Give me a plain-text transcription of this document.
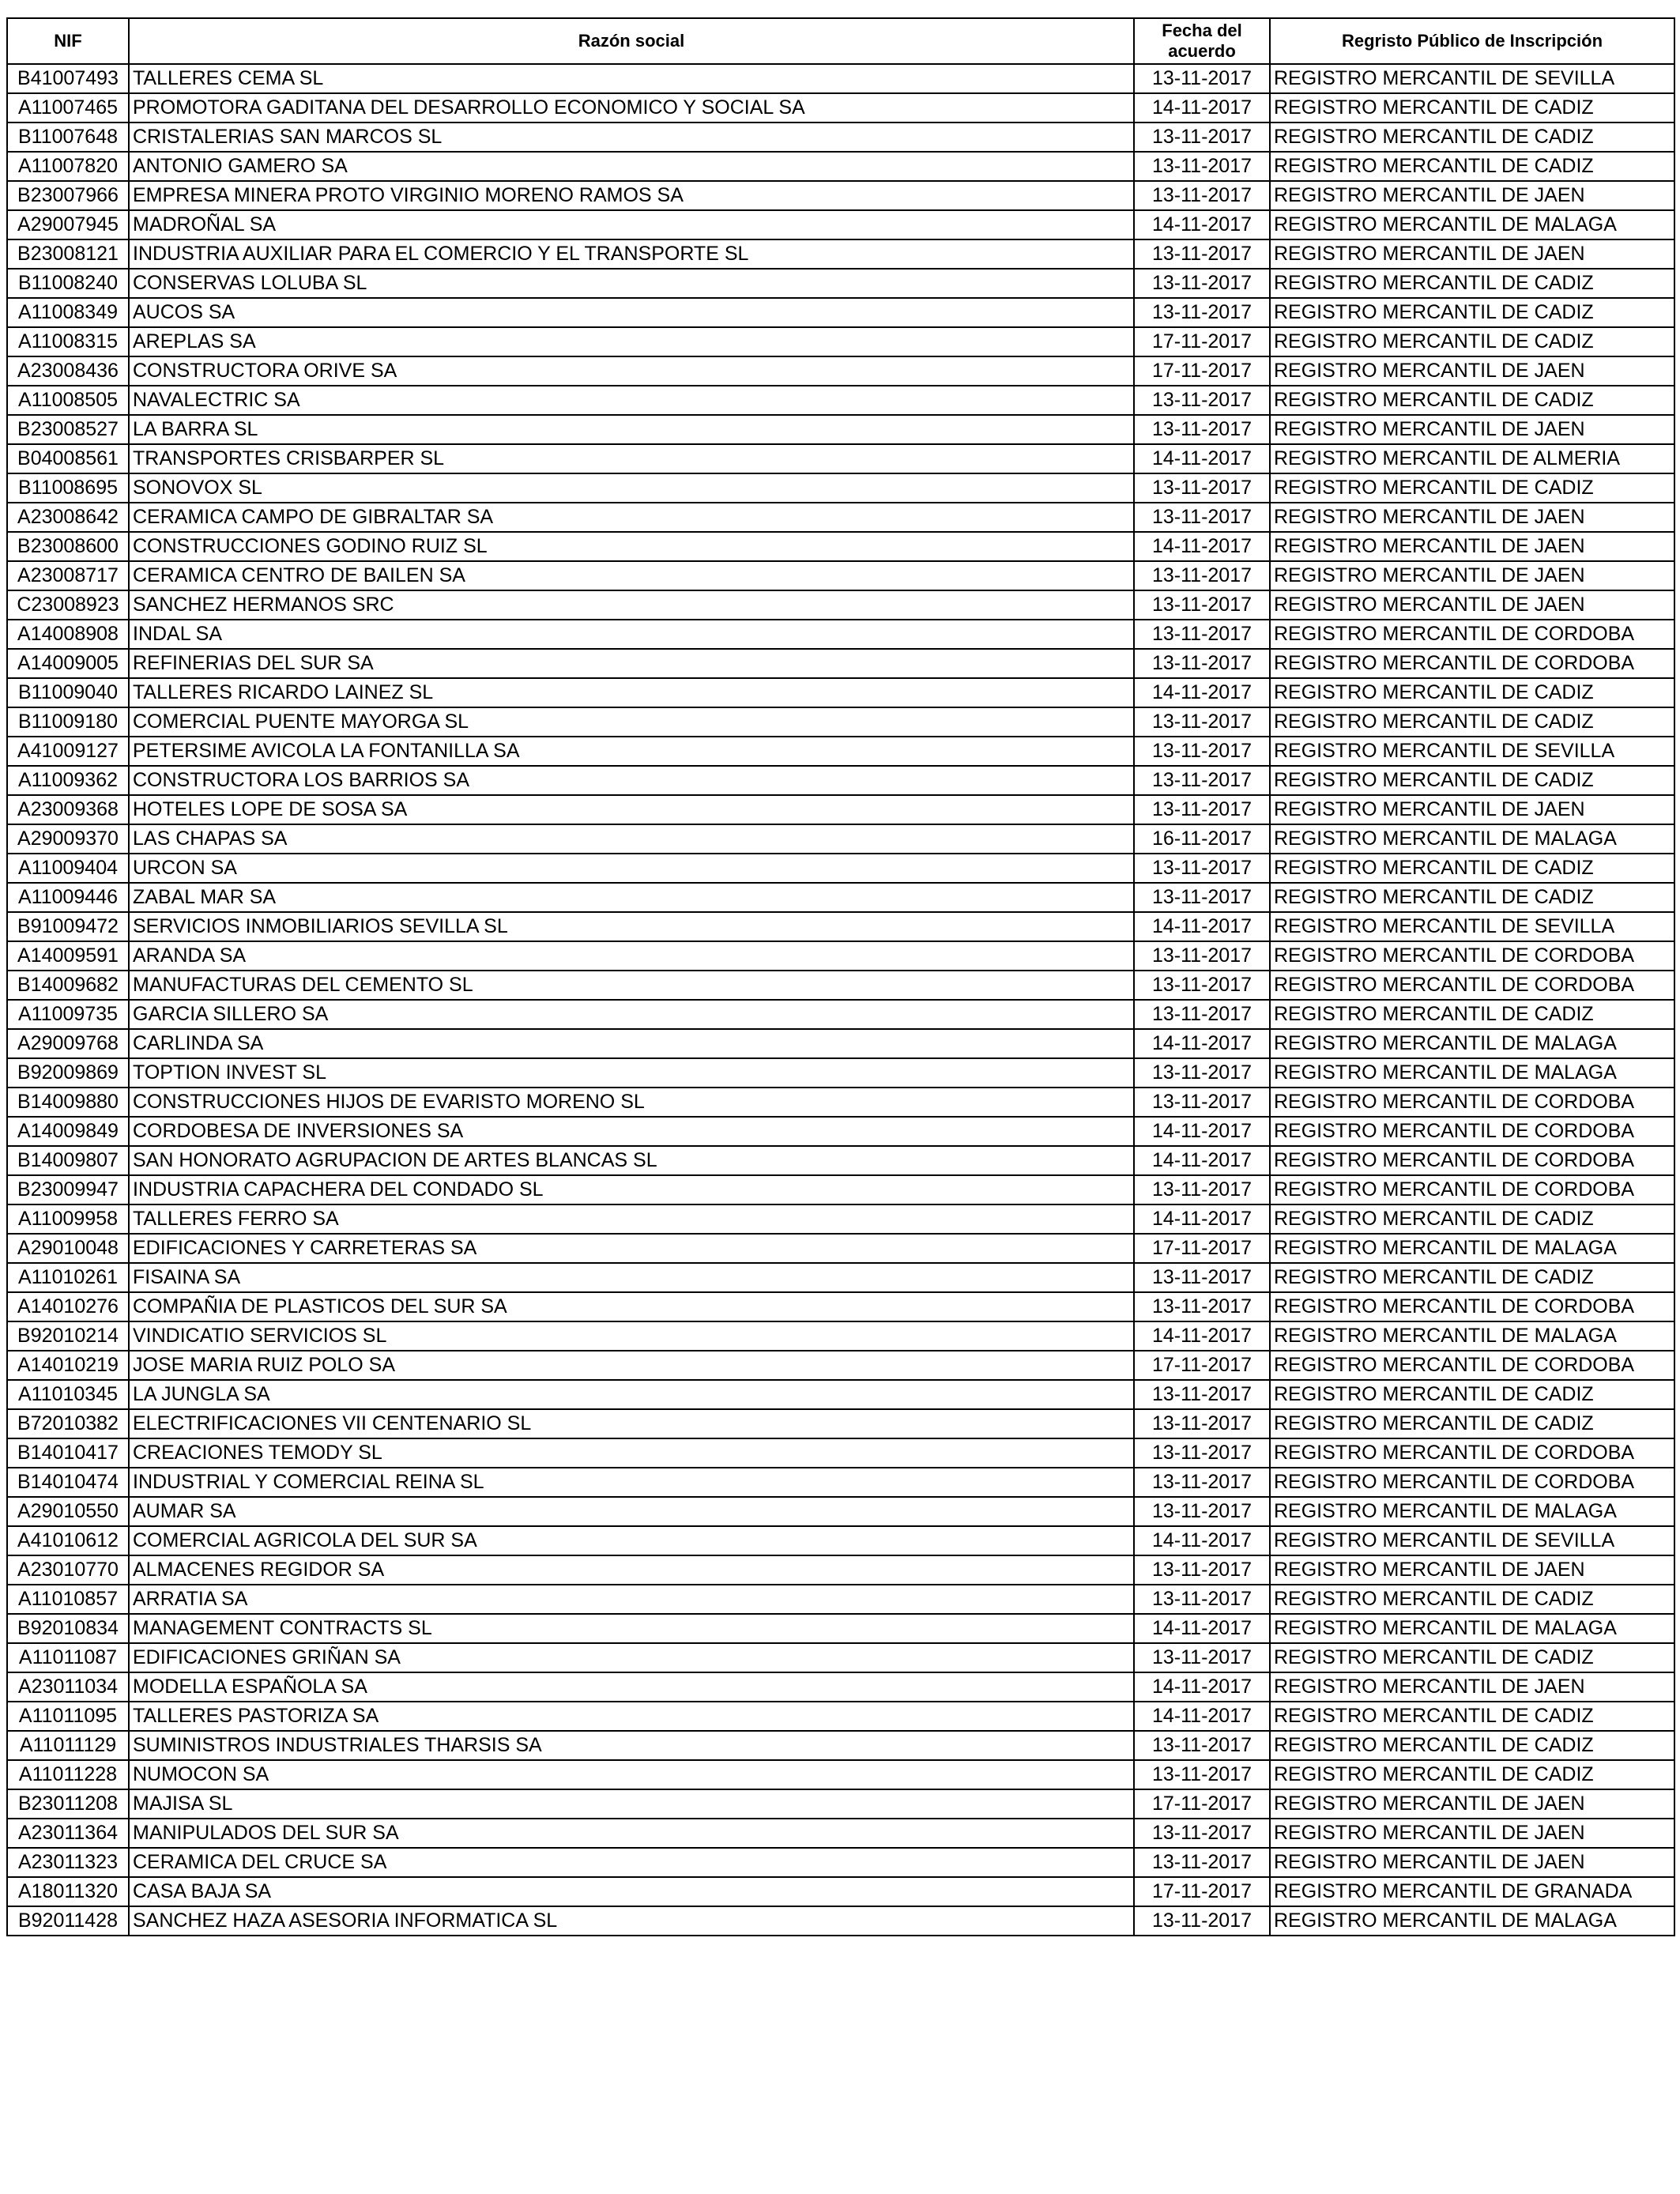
NIF	Razón social	Fecha del acuerdo	Regristo Público de Inscripción
B41007493	TALLERES CEMA SL	13-11-2017	REGISTRO MERCANTIL DE SEVILLA
A11007465	PROMOTORA GADITANA DEL DESARROLLO ECONOMICO Y SOCIAL SA	14-11-2017	REGISTRO MERCANTIL DE CADIZ
B11007648	CRISTALERIAS SAN MARCOS SL	13-11-2017	REGISTRO MERCANTIL DE CADIZ
A11007820	ANTONIO GAMERO SA	13-11-2017	REGISTRO MERCANTIL DE CADIZ
B23007966	EMPRESA MINERA PROTO VIRGINIO MORENO RAMOS SA	13-11-2017	REGISTRO MERCANTIL DE JAEN
A29007945	MADROÑAL SA	14-11-2017	REGISTRO MERCANTIL DE MALAGA
B23008121	INDUSTRIA AUXILIAR PARA EL COMERCIO Y EL TRANSPORTE SL	13-11-2017	REGISTRO MERCANTIL DE JAEN
B11008240	CONSERVAS LOLUBA SL	13-11-2017	REGISTRO MERCANTIL DE CADIZ
A11008349	AUCOS SA	13-11-2017	REGISTRO MERCANTIL DE CADIZ
A11008315	AREPLAS SA	17-11-2017	REGISTRO MERCANTIL DE CADIZ
A23008436	CONSTRUCTORA ORIVE SA	17-11-2017	REGISTRO MERCANTIL DE JAEN
A11008505	NAVALECTRIC SA	13-11-2017	REGISTRO MERCANTIL DE CADIZ
B23008527	LA BARRA SL	13-11-2017	REGISTRO MERCANTIL DE JAEN
B04008561	TRANSPORTES CRISBARPER SL	14-11-2017	REGISTRO MERCANTIL DE ALMERIA
B11008695	SONOVOX SL	13-11-2017	REGISTRO MERCANTIL DE CADIZ
A23008642	CERAMICA CAMPO DE GIBRALTAR SA	13-11-2017	REGISTRO MERCANTIL DE JAEN
B23008600	CONSTRUCCIONES GODINO RUIZ SL	14-11-2017	REGISTRO MERCANTIL DE JAEN
A23008717	CERAMICA CENTRO DE BAILEN SA	13-11-2017	REGISTRO MERCANTIL DE JAEN
C23008923	SANCHEZ HERMANOS SRC	13-11-2017	REGISTRO MERCANTIL DE JAEN
A14008908	INDAL SA	13-11-2017	REGISTRO MERCANTIL DE CORDOBA
A14009005	REFINERIAS DEL SUR SA	13-11-2017	REGISTRO MERCANTIL DE CORDOBA
B11009040	TALLERES RICARDO LAINEZ SL	14-11-2017	REGISTRO MERCANTIL DE CADIZ
B11009180	COMERCIAL PUENTE MAYORGA SL	13-11-2017	REGISTRO MERCANTIL DE CADIZ
A41009127	PETERSIME AVICOLA LA FONTANILLA SA	13-11-2017	REGISTRO MERCANTIL DE SEVILLA
A11009362	CONSTRUCTORA LOS BARRIOS SA	13-11-2017	REGISTRO MERCANTIL DE CADIZ
A23009368	HOTELES LOPE DE SOSA SA	13-11-2017	REGISTRO MERCANTIL DE JAEN
A29009370	LAS CHAPAS SA	16-11-2017	REGISTRO MERCANTIL DE MALAGA
A11009404	URCON SA	13-11-2017	REGISTRO MERCANTIL DE CADIZ
A11009446	ZABAL MAR SA	13-11-2017	REGISTRO MERCANTIL DE CADIZ
B91009472	SERVICIOS INMOBILIARIOS SEVILLA SL	14-11-2017	REGISTRO MERCANTIL DE SEVILLA
A14009591	ARANDA SA	13-11-2017	REGISTRO MERCANTIL DE CORDOBA
B14009682	MANUFACTURAS DEL CEMENTO SL	13-11-2017	REGISTRO MERCANTIL DE CORDOBA
A11009735	GARCIA SILLERO SA	13-11-2017	REGISTRO MERCANTIL DE CADIZ
A29009768	CARLINDA SA	14-11-2017	REGISTRO MERCANTIL DE MALAGA
B92009869	TOPTION INVEST SL	13-11-2017	REGISTRO MERCANTIL DE MALAGA
B14009880	CONSTRUCCIONES HIJOS DE EVARISTO MORENO SL	13-11-2017	REGISTRO MERCANTIL DE CORDOBA
A14009849	CORDOBESA DE INVERSIONES SA	14-11-2017	REGISTRO MERCANTIL DE CORDOBA
B14009807	SAN HONORATO AGRUPACION DE ARTES BLANCAS SL	14-11-2017	REGISTRO MERCANTIL DE CORDOBA
B23009947	INDUSTRIA CAPACHERA DEL CONDADO SL	13-11-2017	REGISTRO MERCANTIL DE CORDOBA
A11009958	TALLERES FERRO SA	14-11-2017	REGISTRO MERCANTIL DE CADIZ
A29010048	EDIFICACIONES Y CARRETERAS SA	17-11-2017	REGISTRO MERCANTIL DE MALAGA
A11010261	FISAINA SA	13-11-2017	REGISTRO MERCANTIL DE CADIZ
A14010276	COMPAÑIA DE PLASTICOS DEL SUR SA	13-11-2017	REGISTRO MERCANTIL DE CORDOBA
B92010214	VINDICATIO SERVICIOS SL	14-11-2017	REGISTRO MERCANTIL DE MALAGA
A14010219	JOSE MARIA RUIZ POLO SA	17-11-2017	REGISTRO MERCANTIL DE CORDOBA
A11010345	LA JUNGLA SA	13-11-2017	REGISTRO MERCANTIL DE CADIZ
B72010382	ELECTRIFICACIONES VII CENTENARIO SL	13-11-2017	REGISTRO MERCANTIL DE CADIZ
B14010417	CREACIONES TEMODY SL	13-11-2017	REGISTRO MERCANTIL DE CORDOBA
B14010474	INDUSTRIAL Y COMERCIAL REINA SL	13-11-2017	REGISTRO MERCANTIL DE CORDOBA
A29010550	AUMAR SA	13-11-2017	REGISTRO MERCANTIL DE MALAGA
A41010612	COMERCIAL AGRICOLA DEL SUR SA	14-11-2017	REGISTRO MERCANTIL DE SEVILLA
A23010770	ALMACENES REGIDOR SA	13-11-2017	REGISTRO MERCANTIL DE JAEN
A11010857	ARRATIA SA	13-11-2017	REGISTRO MERCANTIL DE CADIZ
B92010834	MANAGEMENT CONTRACTS SL	14-11-2017	REGISTRO MERCANTIL DE MALAGA
A11011087	EDIFICACIONES GRIÑAN SA	13-11-2017	REGISTRO MERCANTIL DE CADIZ
A23011034	MODELLA ESPAÑOLA SA	14-11-2017	REGISTRO MERCANTIL DE JAEN
A11011095	TALLERES PASTORIZA SA	14-11-2017	REGISTRO MERCANTIL DE CADIZ
A11011129	SUMINISTROS INDUSTRIALES THARSIS SA	13-11-2017	REGISTRO MERCANTIL DE CADIZ
A11011228	NUMOCON SA	13-11-2017	REGISTRO MERCANTIL DE CADIZ
B23011208	MAJISA SL	17-11-2017	REGISTRO MERCANTIL DE JAEN
A23011364	MANIPULADOS DEL SUR SA	13-11-2017	REGISTRO MERCANTIL DE JAEN
A23011323	CERAMICA DEL CRUCE SA	13-11-2017	REGISTRO MERCANTIL DE JAEN
A18011320	CASA BAJA SA	17-11-2017	REGISTRO MERCANTIL DE GRANADA
B92011428	SANCHEZ HAZA ASESORIA INFORMATICA SL	13-11-2017	REGISTRO MERCANTIL DE MALAGA
